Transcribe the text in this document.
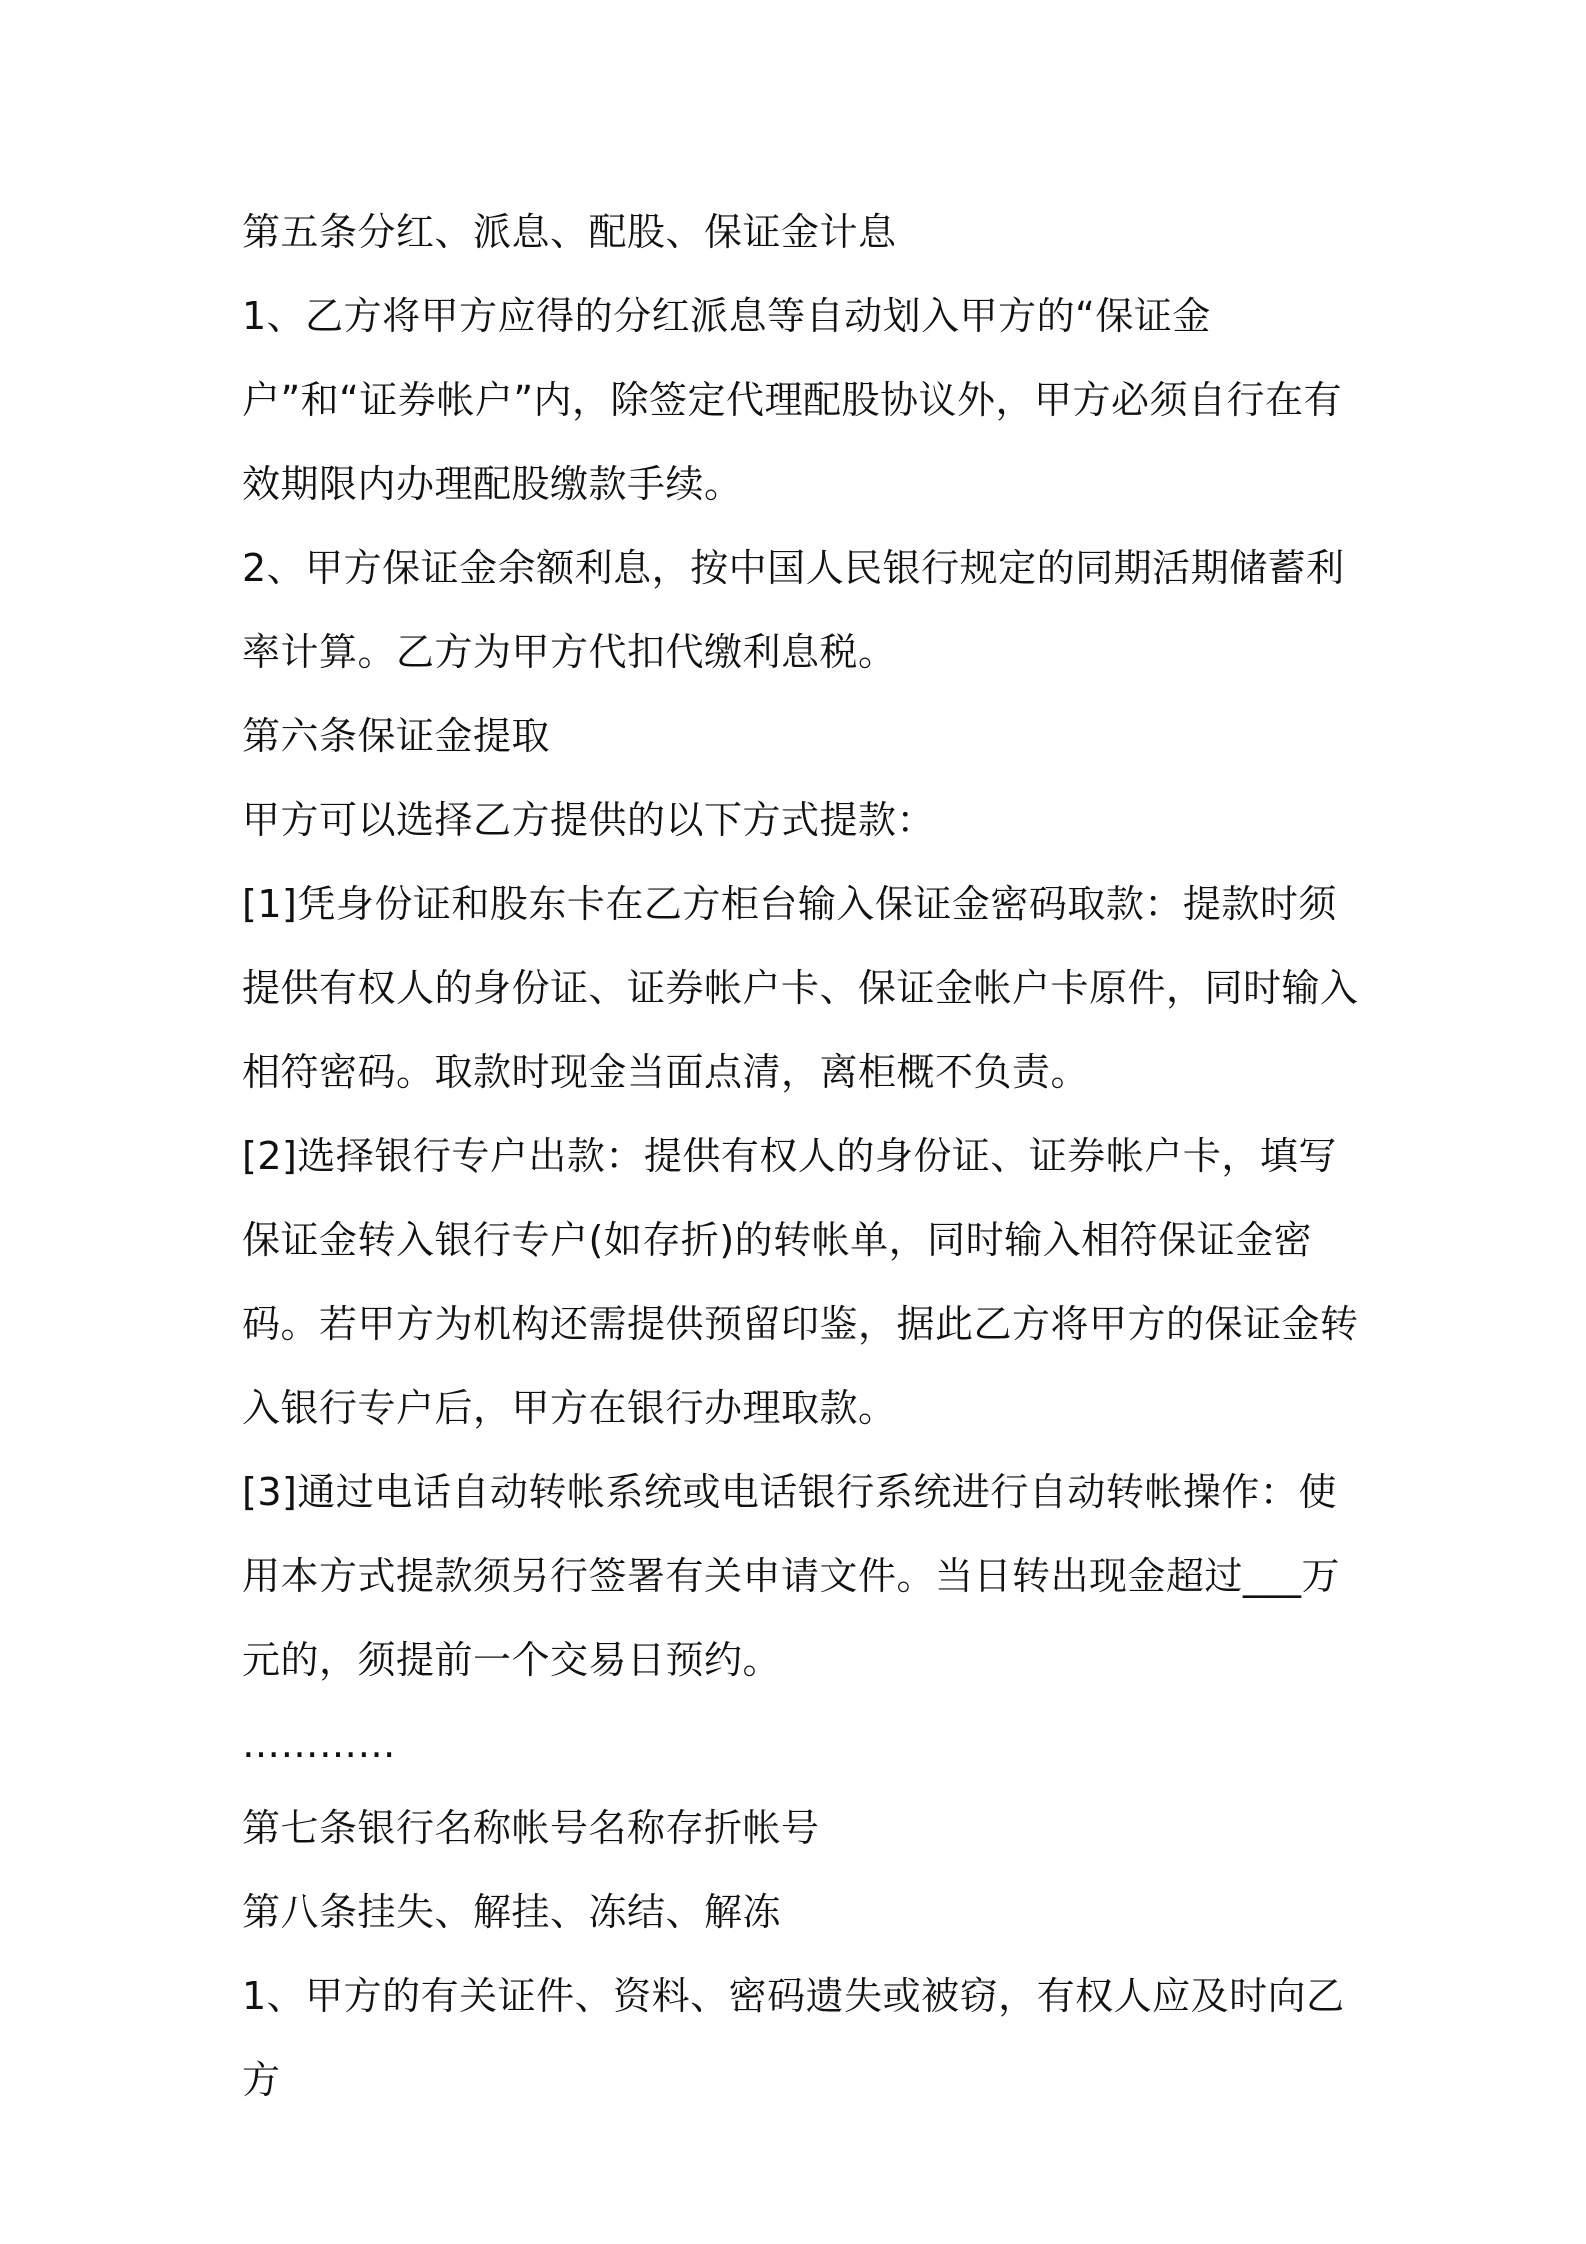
第五条分红、派息、配股、保证金计息

1、乙方将甲方应得的分红派息等自动划入甲方的“保证金户”和“证券帐户”内，除签定代理配股协议外，甲方必须自行在有效期限内办理配股缴款手续。

2、甲方保证金余额利息，按中国人民银行规定的同期活期储蓄利率计算。乙方为甲方代扣代缴利息税。

第六条保证金提取

甲方可以选择乙方提供的以下方式提款：

[1]凭身份证和股东卡在乙方柜台输入保证金密码取款：提款时须提供有权人的身份证、证券帐户卡、保证金帐户卡原件，同时输入相符密码。取款时现金当面点清，离柜概不负责。

[2]选择银行专户出款：提供有权人的身份证、证券帐户卡，填写保证金转入银行专户(如存折)的转帐单，同时输入相符保证金密码。若甲方为机构还需提供预留印鉴，据此乙方将甲方的保证金转入银行专户后，甲方在银行办理取款。

[3]通过电话自动转帐系统或电话银行系统进行自动转帐操作：使用本方式提款须另行签署有关申请文件。当日转出现金超过___万元的，须提前一个交易日预约。

…………

第七条银行名称帐号名称存折帐号

第八条挂失、解挂、冻结、解冻

1、甲方的有关证件、资料、密码遗失或被窃，有权人应及时向乙方
